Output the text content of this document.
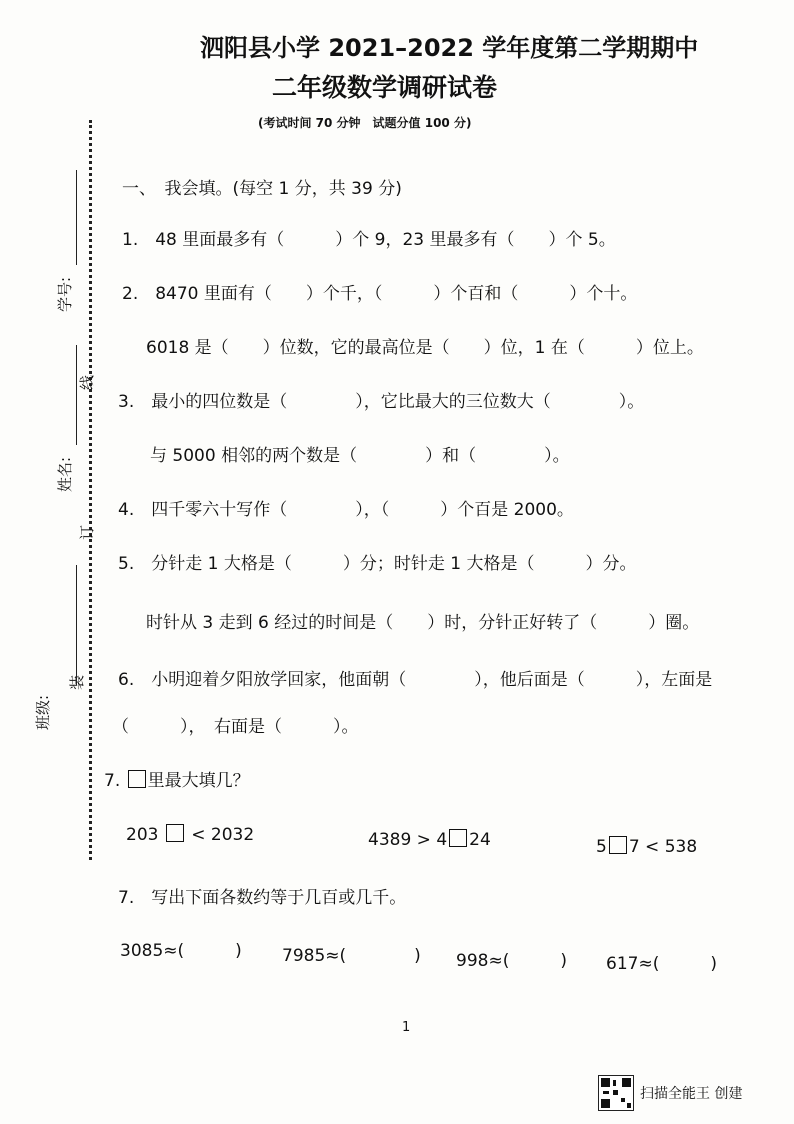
泗阳县小学 2021–2022 学年度第二学期期中
二年级数学调研试卷
(考试时间 70 分钟　试题分值 100 分)
学号:
姓名:
班级:
线
订
装
一、　我会填。(每空 1 分，共 39 分)
1.　48 里面最多有（　　　）个 9，23 里最多有（　　）个 5。
2.　8470 里面有（　　）个千，（　　　）个百和（　　　）个十。
6018 是（　　）位数，它的最高位是（　　）位，1 在（　　　）位上。
3.　最小的四位数是（　　　　），它比最大的三位数大（　　　　）。
与 5000 相邻的两个数是（　　　　）和（　　　　）。
4.　四千零六十写作（　　　　），（　　　）个百是 2000。
5.　分针走 1 大格是（　　　）分；时针走 1 大格是（　　　）分。
时针从 3 走到 6 经过的时间是（　　）时，分针正好转了（　　　）圈。
6.　小明迎着夕阳放学回家，他面朝（　　　　），他后面是（　　　），左面是
（　　　），　右面是（　　　）。
7. 里最大填几？
203 < 2032	4389 > 4 24	5 7 < 538
7.　写出下面各数约等于几百或几千。
3085≈(　　　) 7985≈(　　　　) 998≈(　　　) 617≈(　　　)
1
扫描全能王 创建
